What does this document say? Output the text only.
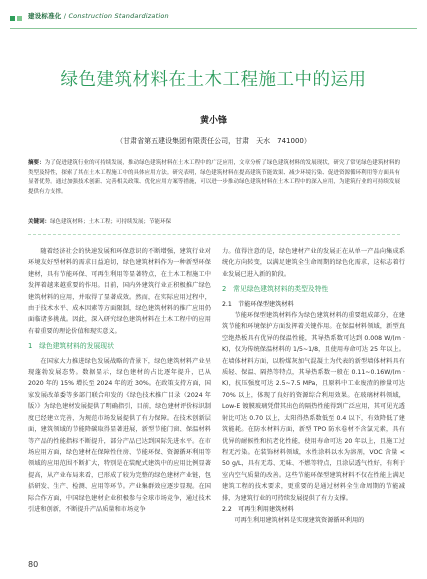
建设标准化 / Construction Standardization
绿色建筑材料在土木工程施工中的运用
黄小锋
（甘肃省第五建设集团有限责任公司，甘肃　天水　741000）
摘要：为了促进建筑行业的可持续发展，推动绿色建筑材料在土木工程中的广泛应用，文章分析了绿色建筑材料的发展现状，研究了常见绿色建筑材料的类型及特性，探索了其在土木工程施工中的具体应用方法。研究表明，绿色建筑材料在提高建筑节能效果、减少环境污染、促进资源循环利用等方面具有显著优势。通过加强技术创新、完善相关政策、优化应用方案等措施，可以进一步推动绿色建筑材料在土木工程中的深入应用，为建筑行业的可持续发展提供有力支撑。
关键词：绿色建筑材料；土木工程；可持续发展；节能环保

随着经济社会的快速发展和环保意识的不断增强，建筑行业对环境友好型材料的需求日益迫切，绿色建筑材料作为一种新型环保建材，具有节能环保、可再生利用等显著特点，在土木工程施工中发挥着越来越重要的作用。目前，国内外建筑行业正积极推广绿色建筑材料的应用，并取得了显著成效。然而，在实际应用过程中，由于技术水平、成本因素等方面限制，绿色建筑材料的推广应用仍面临诸多挑战。因此，深入研究绿色建筑材料在土木工程中的应用有着重要的理论价值和现实意义。

1　绿色建筑材料的发展现状

在国家大力推进绿色发展战略的背景下，绿色建筑材料产业呈现蓬勃发展态势。数据显示，绿色建材的占比逐年提升，已从 2020 年的 15% 增长至 2024 年的近 30%。在政策支持方面，国家发展改革委等多部门联合印发的《绿色技术推广目录（2024 年版）》为绿色建材发展提供了明确指引，目前，绿色建材评价标识制度已经建立完善，为规范市场发展提供了有力保障。在技术创新层面，建筑领域的节能降碳取得显著进展，新型节能门窗、保温材料等产品的性能指标不断提升，部分产品已达到国际先进水平。在市场应用方面，绿色建材在保障性住房、节能环保、资源循环利用等领域的应用范围不断扩大，特别是在装配式建筑中的应用比例显著提高，从产业布局来看，已形成了较为完整的绿色建材产业链，包括研发、生产、检测、应用等环节。产业集群效应逐步显现。在国际合作方面，中国绿色建材企业积极参与全球市场竞争，通过技术引进和创新，不断提升产品质量和市场竞争

力。值得注意的是，绿色建材产业的发展正在从单一产品向集成系统化方向转变，以满足建筑全生命周期的绿色化需求，这标志着行业发展已进入新的阶段。

2　常见绿色建筑材料的类型及特性

2.1　节能环保型建筑材料

节能环保型建筑材料作为绿色建筑材料的重要组成部分，在建筑节能和环境保护方面发挥着关键作用。在保温材料领域，新型真空绝热板具有优异的保温性能，其导热系数可达到 0.008 W/(m · K)，仅为传统保温材料的 1/5~1/8，且使用寿命可达 25 年以上。在墙体材料方面，以粉煤灰加气混凝土为代表的新型墙体材料具有质轻、保温、隔热等特点，其导热系数一般在 0.11~0.16W/(m · K)，抗压强度可达 2.5~7.5 MPa，且原料中工业废渣的掺量可达 70% 以上，体现了良好的资源综合利用效果。在玻璃材料领域，Low-E 镀膜玻璃凭借其出色的隔热性能得到广泛应用，其可见光透射比可达 0.70 以上，太阳得热系数低至 0.4 以下，有效降低了建筑能耗。在防水材料方面，新型 TPO 防水卷材不含氯元素，具有优异的耐候性和抗老化性能，使用寿命可达 20 年以上，且施工过程无污染。在装饰材料领域，水性涂料以水为溶剂，VOC 含量 < 50 g/L，具有无毒、无味、不燃等特点，且涂层透气性好，有利于室内空气质量的改善。这些节能环保型建筑材料不仅在性能上满足建筑工程的技术要求，更重要的是通过材料全生命周期的节能减排，为建筑行业的可持续发展提供了有力支撑。

2.2　可再生利用建筑材料

可再生利用建筑材料是实现建筑资源循环利用的

80
